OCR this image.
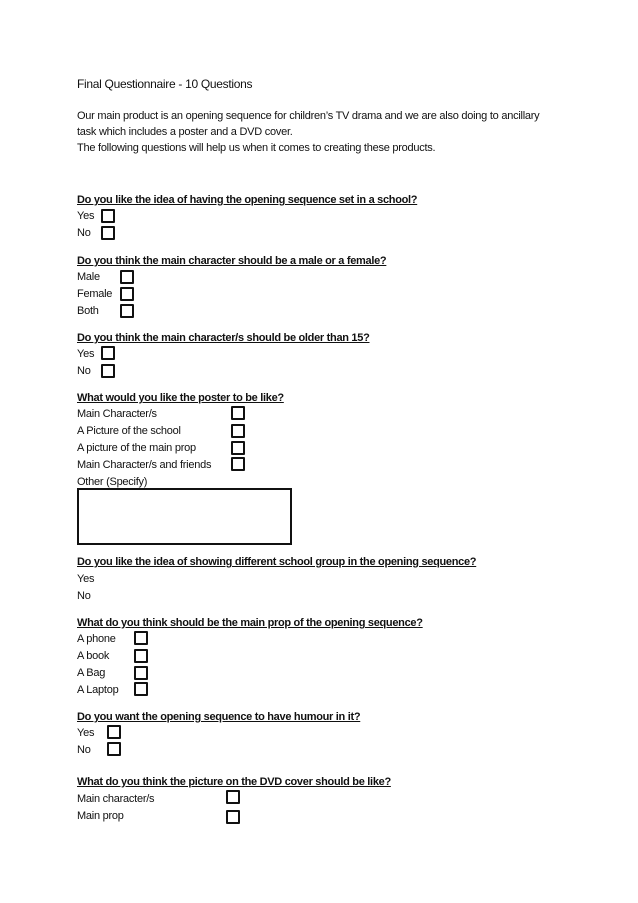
Final Questionnaire - 10 Questions
Our main product is an opening sequence for children’s TV drama and we are also doing to ancillary
task which includes a poster and a DVD cover.
The following questions will help us when it comes to creating these products.
Do you like the idea of having the opening sequence set in a school?
Yes
No
Do you think the main character should be a male or a female?
Male
Female
Both
Do you think the main character/s should be older than 15?
Yes
No
What would you like the poster to be like?
Main Character/s
A Picture of the school
A picture of the main prop
Main Character/s and friends
Other (Specify)
Do you like the idea of showing different school group in the opening sequence?
Yes
No
What do you think should be the main prop of the opening sequence?
A phone
A book
A Bag
A Laptop
Do you want the opening sequence to have humour in it?
Yes
No
What do you think the picture on the DVD cover should be like?
Main character/s
Main prop
